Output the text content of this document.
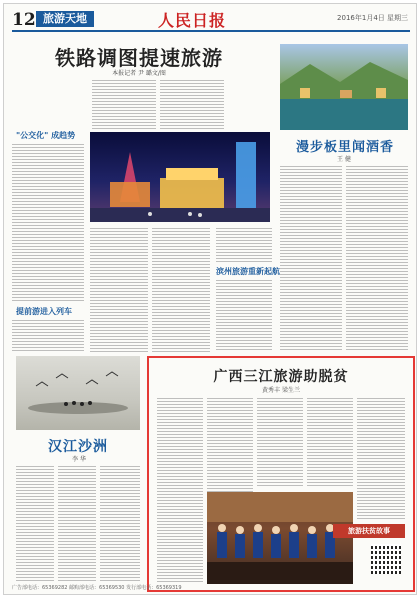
12 旅游天地	人民日报	2016年1月4日 星期三
铁路调图提速旅游
本报记者 尹 璐文/图
"公交化" 成趋势
提前游进入列车
滨州旅游重新起航
漫步板里闻酒香
王 健
汉江沙洲
李 华
广西三江旅游助脱贫
黄秀丰 梁生兰
旅游扶贫故事
广告部电话：65369282 邮购部电话：65369530 发行部电话：65369319
